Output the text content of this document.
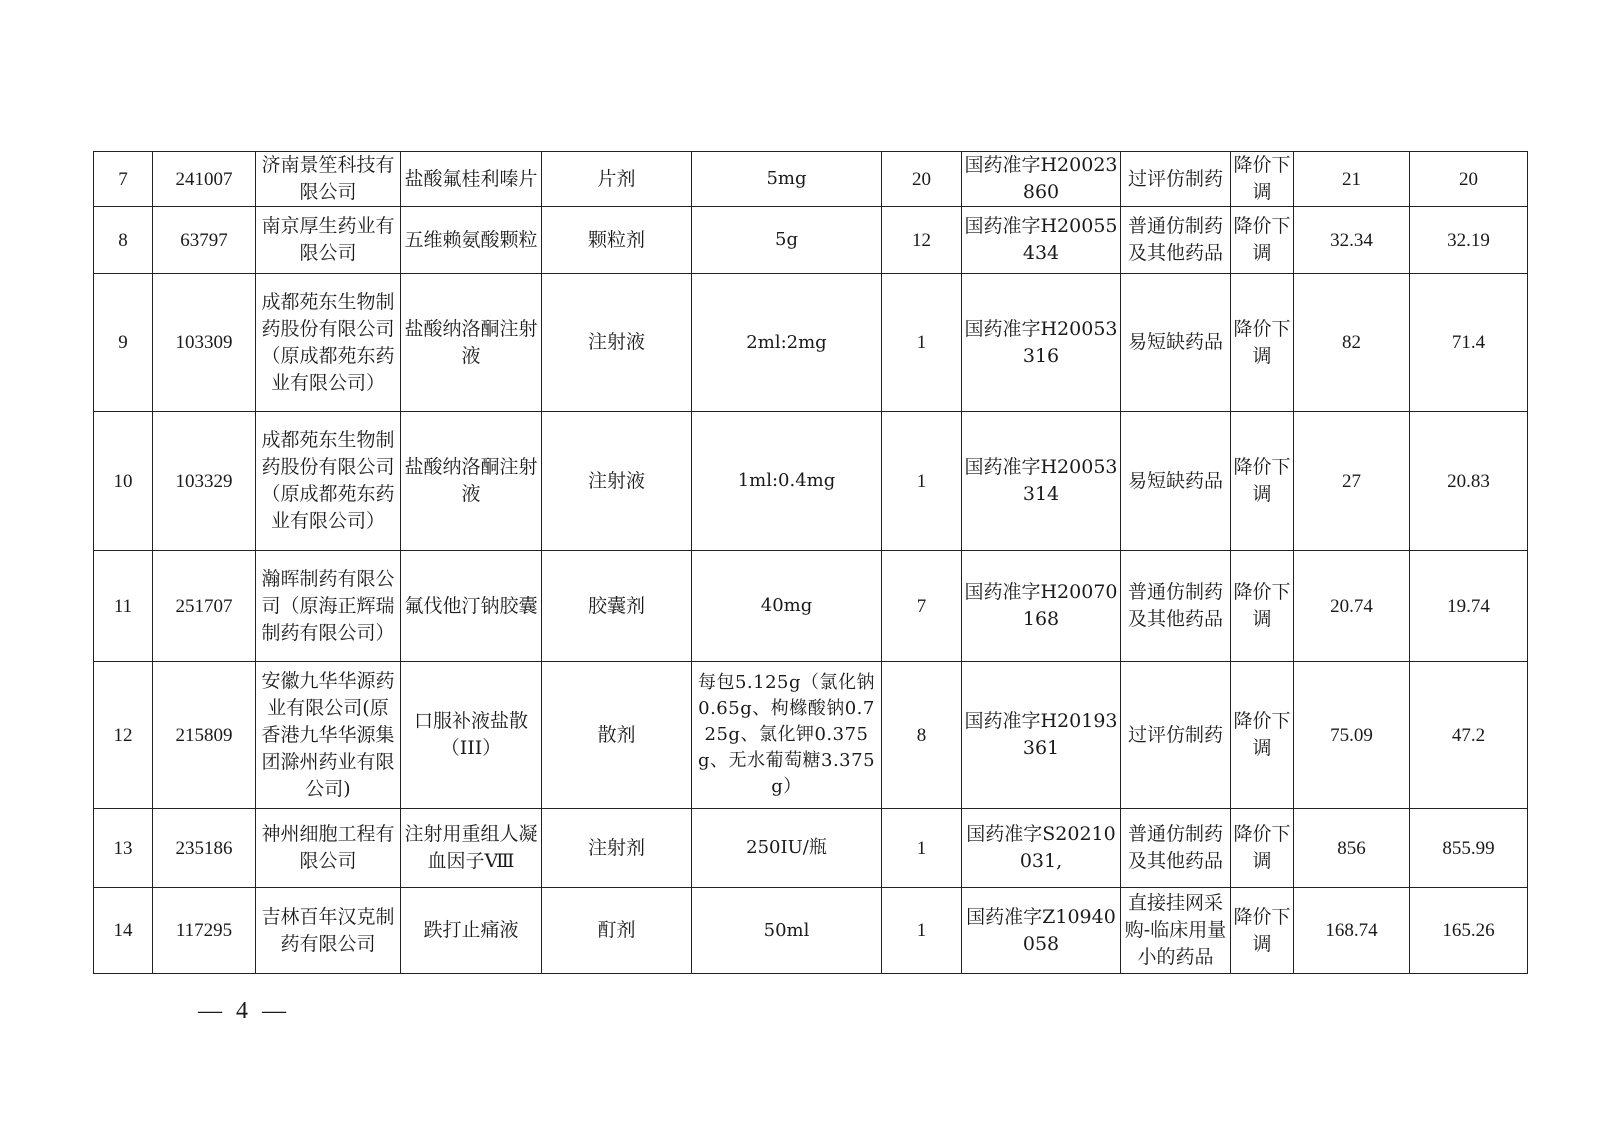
7	241007	济南景笙科技有限公司	盐酸氟桂利嗪片	片剂	5mg	20	国药准字H20023860	过评仿制药	降价下调	21	20
8	63797	南京厚生药业有限公司	五维赖氨酸颗粒	颗粒剂	5g	12	国药准字H20055434	普通仿制药及其他药品	降价下调	32.34	32.19
9	103309	成都苑东生物制药股份有限公司（原成都苑东药业有限公司）	盐酸纳洛酮注射液	注射液	2ml:2mg	1	国药准字H20053316	易短缺药品	降价下调	82	71.4
10	103329	成都苑东生物制药股份有限公司（原成都苑东药业有限公司）	盐酸纳洛酮注射液	注射液	1ml:0.4mg	1	国药准字H20053314	易短缺药品	降价下调	27	20.83
11	251707	瀚晖制药有限公司（原海正辉瑞制药有限公司）	氟伐他汀钠胶囊	胶囊剂	40mg	7	国药准字H20070168	普通仿制药及其他药品	降价下调	20.74	19.74
12	215809	安徽九华华源药业有限公司(原香港九华华源集团滁州药业有限公司)	口服补液盐散（III）	散剂	每包5.125g（氯化钠0.65g、枸橼酸钠0.725g、氯化钾0.375g、无水葡萄糖3.375g）	8	国药准字H20193361	过评仿制药	降价下调	75.09	47.2
13	235186	神州细胞工程有限公司	注射用重组人凝血因子Ⅷ	注射剂	250IU/瓶	1	国药准字S20210031,	普通仿制药及其他药品	降价下调	856	855.99
14	117295	吉林百年汉克制药有限公司	跌打止痛液	酊剂	50ml	1	国药准字Z10940058	直接挂网采购-临床用量小的药品	降价下调	168.74	165.26
— 4 —
